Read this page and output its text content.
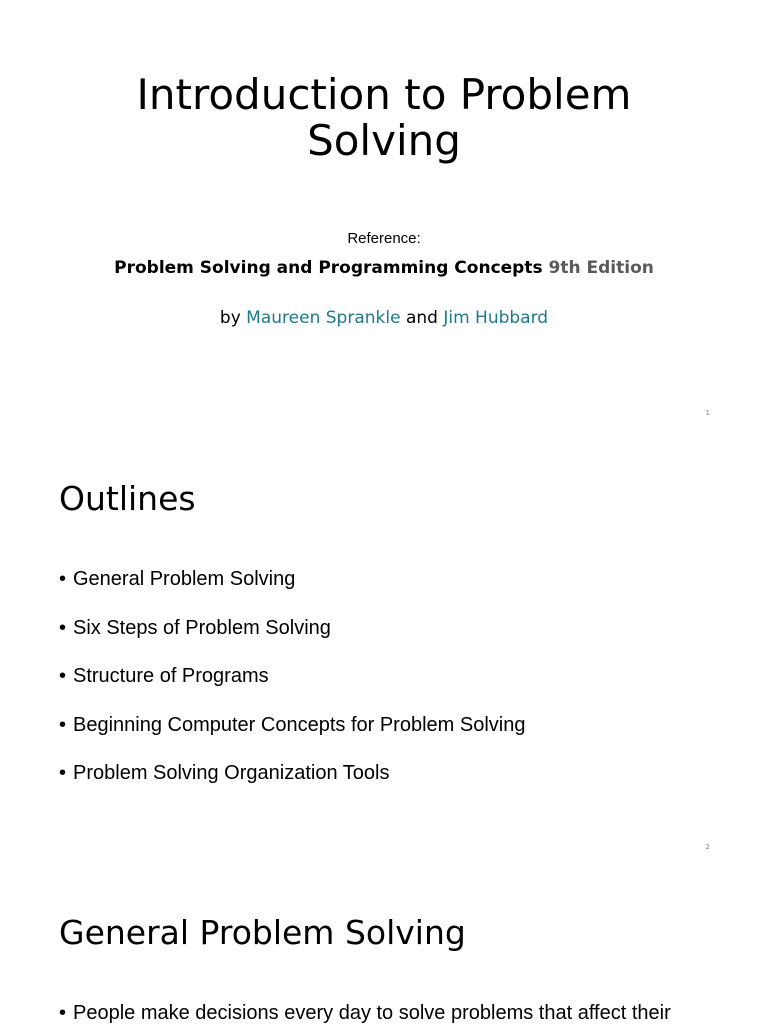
Introduction to Problem
Solving
Reference:
Problem Solving and Programming Concepts 9th Edition
by Maureen Sprankle and Jim Hubbard
1
Outlines
• General Problem Solving
• Six Steps of Problem Solving
• Structure of Programs
• Beginning Computer Concepts for Problem Solving
• Problem Solving Organization Tools
2
General Problem Solving
• People make decisions every day to solve problems that affect their
